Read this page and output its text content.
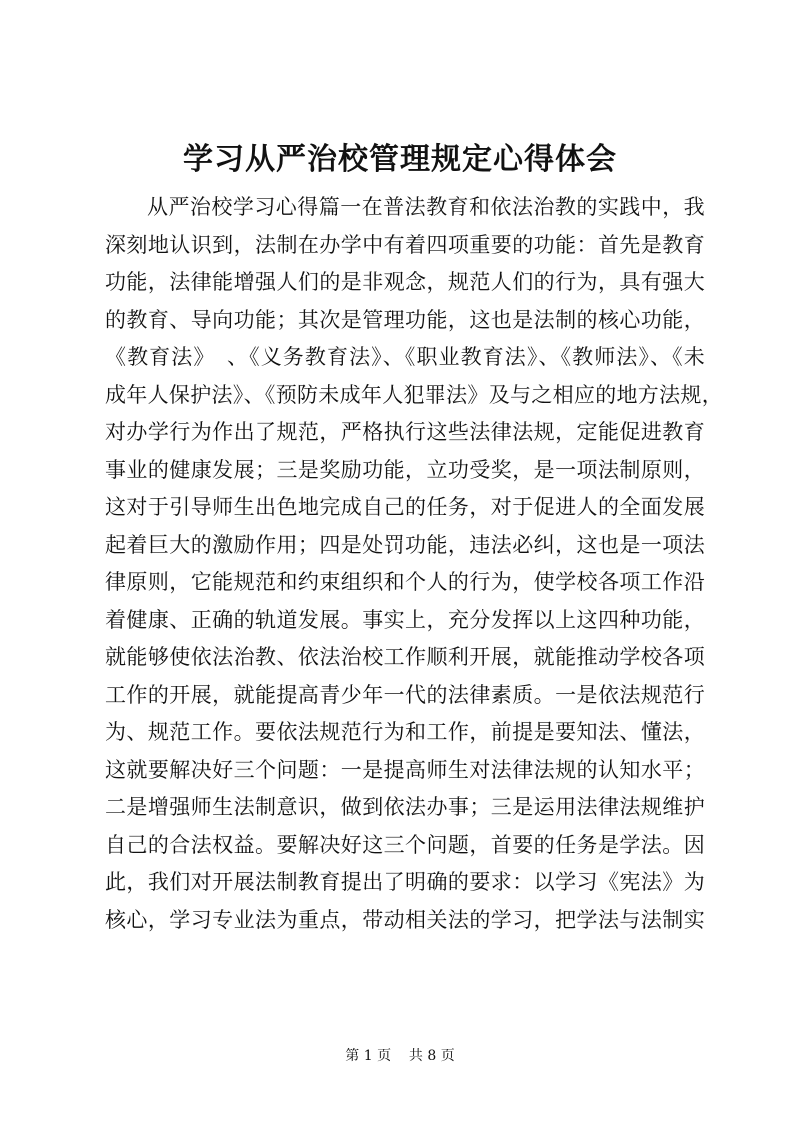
学习从严治校管理规定心得体会
从严治校学习心得篇一在普法教育和依法治教的实践中，我
深刻地认识到，法制在办学中有着四项重要的功能：首先是教育
功能，法律能增强人们的是非观念，规范人们的行为，具有强大
的教育、导向功能；其次是管理功能，这也是法制的核心功能，
《教育法》　、《义务教育法》、《职业教育法》、《教师法》、《未
成年人保护法》、《预防未成年人犯罪法》及与之相应的地方法规，
对办学行为作出了规范，严格执行这些法律法规，定能促进教育
事业的健康发展；三是奖励功能，立功受奖，是一项法制原则，
这对于引导师生出色地完成自己的任务，对于促进人的全面发展
起着巨大的激励作用；四是处罚功能，违法必纠，这也是一项法
律原则，它能规范和约束组织和个人的行为，使学校各项工作沿
着健康、正确的轨道发展。事实上，充分发挥以上这四种功能，
就能够使依法治教、依法治校工作顺利开展，就能推动学校各项
工作的开展，就能提高青少年一代的法律素质。一是依法规范行
为、规范工作。要依法规范行为和工作，前提是要知法、懂法，
这就要解决好三个问题：一是提高师生对法律法规的认知水平；
二是增强师生法制意识，做到依法办事；三是运用法律法规维护
自己的合法权益。要解决好这三个问题，首要的任务是学法。因
此，我们对开展法制教育提出了明确的要求：以学习《宪法》为
核心，学习专业法为重点，带动相关法的学习，把学法与法制实
第 1 页 共 8 页
